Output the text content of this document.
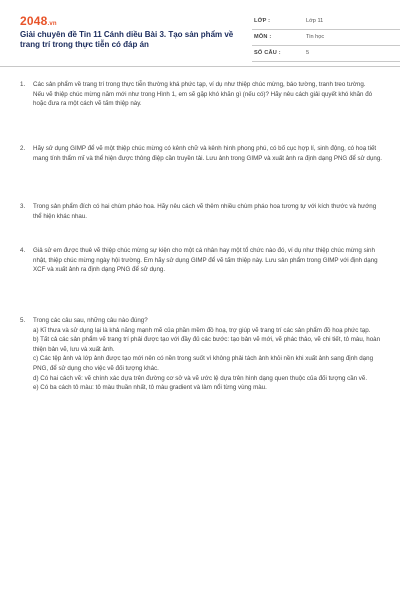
2048.vn
Giải chuyên đề Tin 11 Cánh diều Bài 3. Tạo sản phẩm về trang trí trong thực tiễn có đáp án
LỚP :	Lớp 11
MÔN :	Tin học
SỐ CÂU :	5
1.	Các sản phẩm về trang trí trong thực tiễn thường khá phức tạp, ví dụ như thiệp chúc mừng, báo tường, tranh treo tường.

Nếu vẽ thiệp chúc mừng năm mới như trong Hình 1, em sẽ gặp khó khăn gì (nếu có)? Hãy nêu cách giải quyết khó khăn đó hoặc đưa ra một cách vẽ tấm thiệp này.

2.	Hãy sử dụng GIMP để vẽ một thiệp chúc mừng có kênh chữ và kênh hình phong phú, có bố cục hợp lí, sinh động, có hoạ tiết mang tính thẩm mĩ và thể hiện được thông điệp cần truyền tải. Lưu ảnh trong GIMP và xuất ảnh ra định dạng PNG để sử dụng.

3.	Trong sản phẩm đích có hai chùm pháo hoa. Hãy nêu cách vẽ thêm nhiều chùm pháo hoa tương tự với kích thước và hướng thể hiện khác nhau.

4.	Giả sử em được thuê vẽ thiệp chúc mừng sự kiện cho một cá nhân hay một tổ chức nào đó, ví dụ như thiệp chúc mừng sinh nhật, thiệp chúc mừng ngày hội trường. Em hãy sử dụng GIMP để vẽ tấm thiệp này. Lưu sản phẩm trong GIMP với định dạng XCF và xuất ảnh ra định dạng PNG để sử dụng.

5.	Trong các câu sau, những câu nào đúng?

a) Kĩ thưa và sử dụng lại là khả năng mạnh mẽ của phần mềm đồ hoạ, trợ giúp vẽ trang trí các sản phẩm đồ hoạ phức tạp.

b) Tất cả các sản phẩm vẽ trang trí phải được tạo với đầy đủ các bước: tạo bản vẽ mới, vẽ phác thảo, vẽ chi tiết, tô màu, hoàn thiện bản vẽ, lưu và xuất ảnh.

c) Các tệp ảnh và lớp ảnh được tạo mới nên có nền trong suốt vì không phải tách ảnh khỏi nền khi xuất ảnh sang định dạng PNG, để sử dụng cho việc vẽ đối tượng khác.

d) Có hai cách vẽ: vẽ chính xác dựa trên đường cơ sở và vẽ ước lệ dựa trên hình dạng quen thuộc của đối tượng cần vẽ.

e) Có ba cách tô màu: tô màu thuần nhất, tô màu gradient và làm nổi từng vùng màu.
